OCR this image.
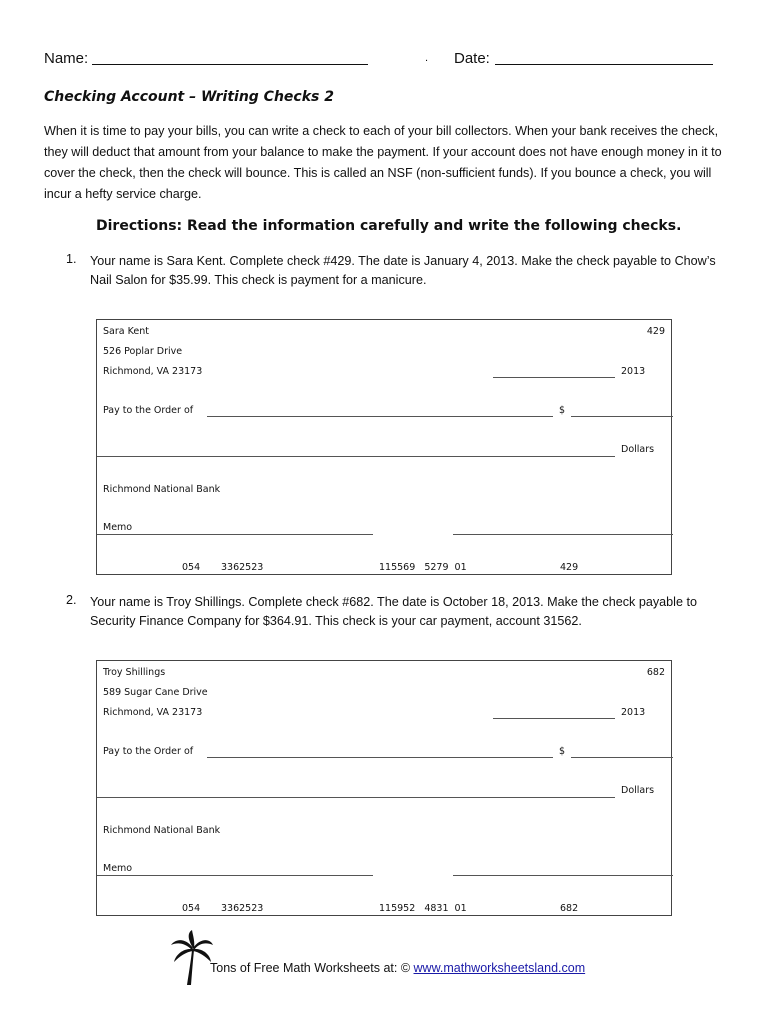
Name:	. Date:
Checking Account – Writing Checks 2
When it is time to pay your bills, you can write a check to each of your bill collectors. When your bank receives the check, they will deduct that amount from your balance to make the payment. If your account does not have enough money in it to cover the check, then the check will bounce. This is called an NSF (non-sufficient funds). If you bounce a check, you will incur a hefty service charge.
Directions: Read the information carefully and write the following checks.
1. Your name is Sara Kent. Complete check #429. The date is January 4, 2013. Make the check payable to Chow’s Nail Salon for $35.99. This check is payment for a manicure.
Sara Kent	429
526 Poplar Drive
Richmond, VA 23173	2013
Pay to the Order of	$
Dollars
Richmond National Bank
Memo
054 3362523	115569   5279  01	429
2. Your name is Troy Shillings. Complete check #682. The date is October 18, 2013. Make the check payable to Security Finance Company for $364.91. This check is your car payment, account 31562.
Troy Shillings	682
589 Sugar Cane Drive
Richmond, VA 23173	2013
Pay to the Order of	$
Dollars
Richmond National Bank
Memo
054 3362523	115952   4831  01	682
Tons of Free Math Worksheets at: © www.mathworksheetsland.com
